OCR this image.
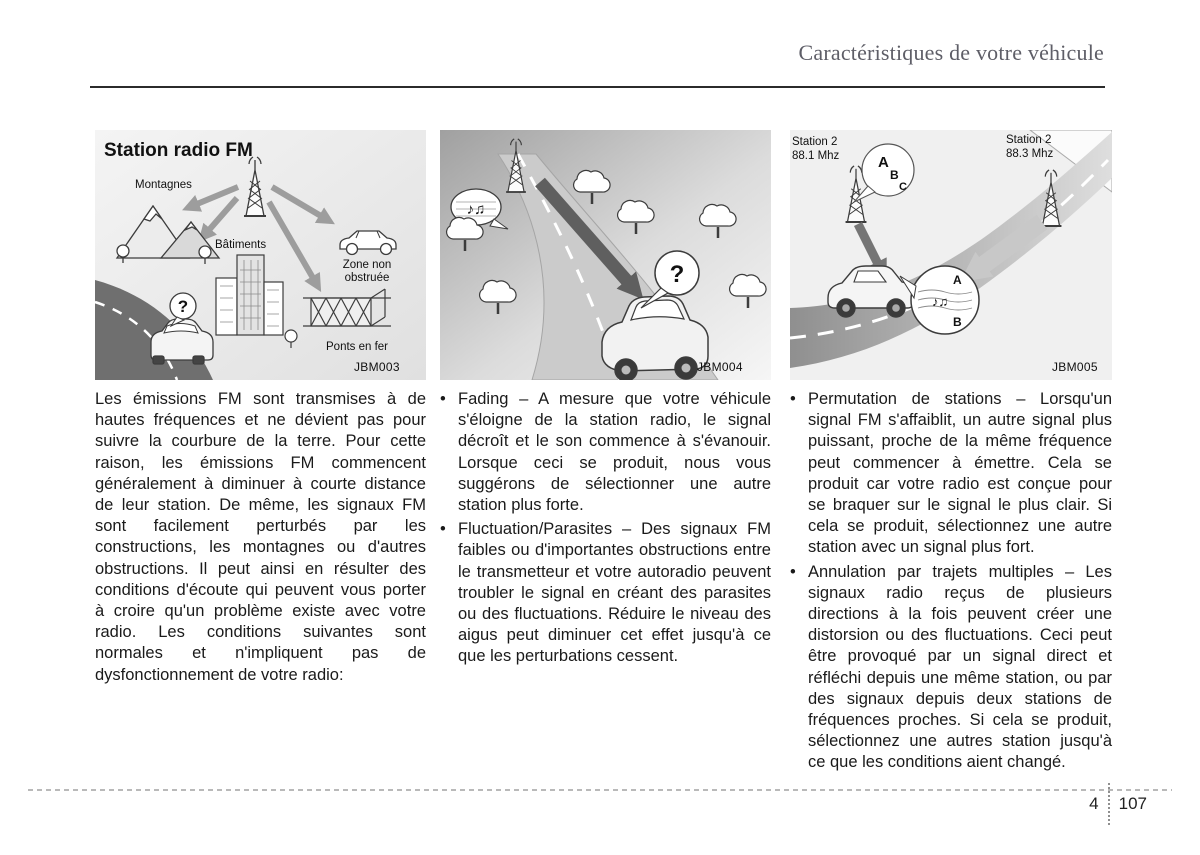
Caractéristiques de votre véhicule
Montagnes
Bâtiments
Zone non
obstruée
Ponts en fer
?
Station radio FM
JBM003

Les émissions FM sont transmises à de hautes fréquences et ne dévient pas pour suivre la courbure de la terre. Pour cette raison, les émissions FM commencent généralement à diminuer à courte distance de leur station. De même, les signaux FM sont facilement perturbés par les constructions, les montagnes ou d'autres obstructions. Il peut ainsi en résulter des conditions d'écoute qui peuvent vous porter à croire qu'un problème existe avec votre radio. Les conditions suivantes sont normales et n'impliquent pas de dysfonctionnement de votre radio:

♪♫
?
JBM004
• Fading – A mesure que votre véhicule s'éloigne de la station radio, le signal décroît et le son commence à s'évanouir. Lorsque ceci se produit, nous vous suggérons de sélectionner une autre station plus forte.
• Fluctuation/Parasites – Des signaux FM faibles ou d'importantes obstructions entre le transmetteur et votre autoradio peuvent troubler le signal en créant des parasites ou des fluctuations. Réduire le niveau des aigus peut diminuer cet effet jusqu'à ce que les perturbations cessent.
Station 2
88.1 Mhz
Station 2
88.3 Mhz
A
B
C
♪♫
A
B
JBM005
• Permutation de stations – Lorsqu'un signal FM s'affaiblit, un autre signal plus puissant, proche de la même fréquence peut commencer à émettre. Cela se produit car votre radio est conçue pour se braquer sur le signal le plus clair. Si cela se produit, sélectionnez une autre station avec un signal plus fort.
• Annulation par trajets multiples – Les signaux radio reçus de plusieurs directions à la fois peuvent créer une distorsion ou des fluctuations. Ceci peut être provoqué par un signal direct et réfléchi depuis une même station, ou par des signaux depuis deux stations de fréquences proches. Si cela se produit, sélectionnez une autres station jusqu'à ce que les conditions aient changé.
4 107
